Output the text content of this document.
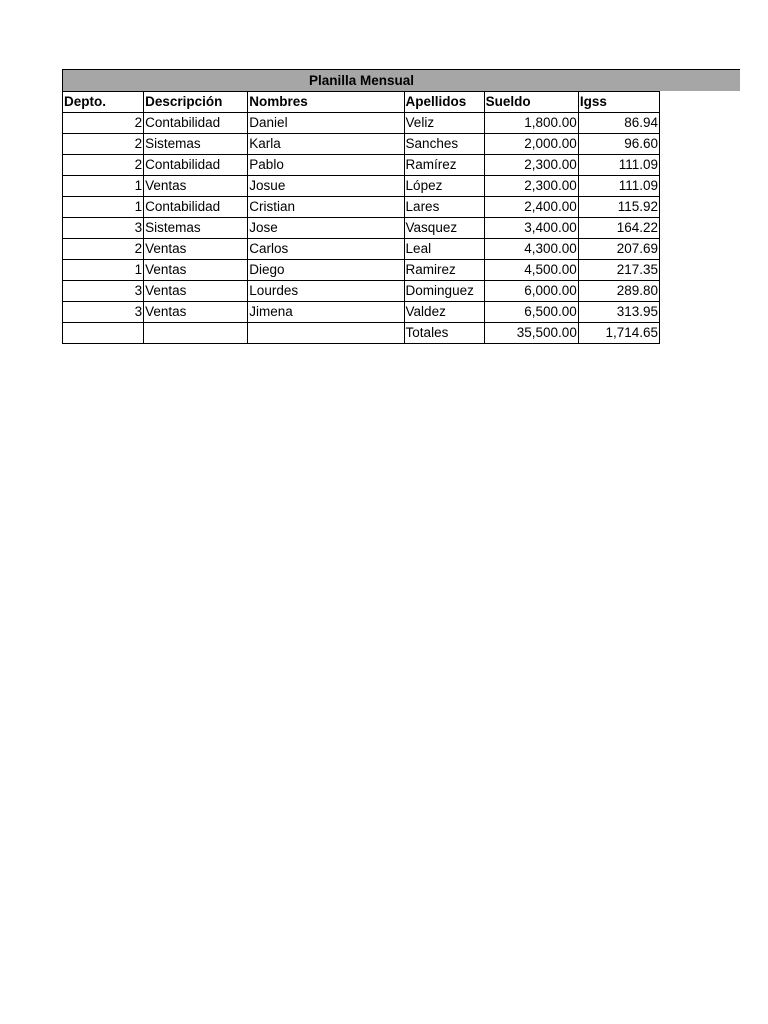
Planilla Mensual
Depto.	Descripción	Nombres	Apellidos	Sueldo	Igss
2	Contabilidad	Daniel	Veliz	1,800.00	86.94
2	Sistemas	Karla	Sanches	2,000.00	96.60
2	Contabilidad	Pablo	Ramírez	2,300.00	111.09
1	Ventas	Josue	López	2,300.00	111.09
1	Contabilidad	Cristian	Lares	2,400.00	115.92
3	Sistemas	Jose	Vasquez	3,400.00	164.22
2	Ventas	Carlos	Leal	4,300.00	207.69
1	Ventas	Diego	Ramirez	4,500.00	217.35
3	Ventas	Lourdes	Dominguez	6,000.00	289.80
3	Ventas	Jimena	Valdez	6,500.00	313.95
			Totales	35,500.00	1,714.65
